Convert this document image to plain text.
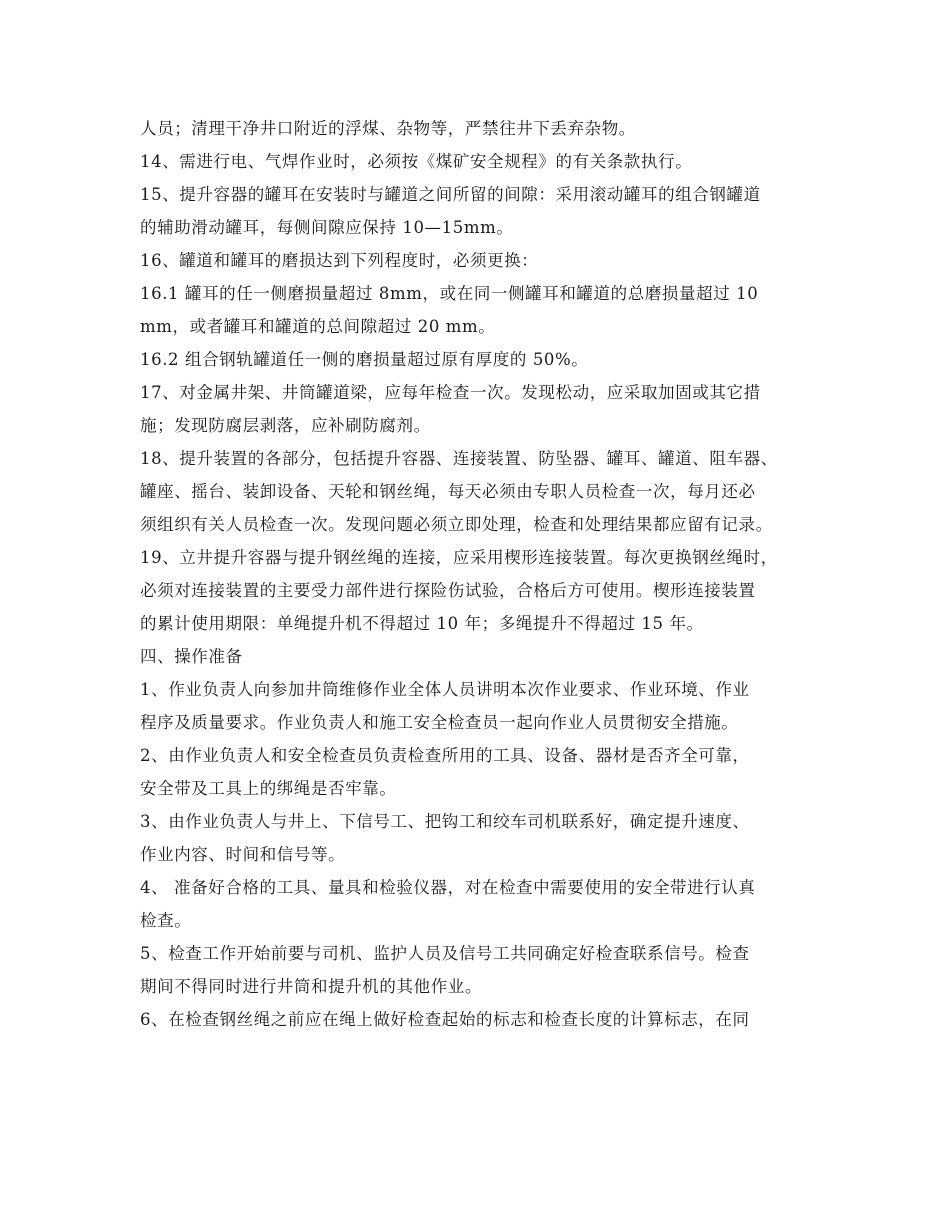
人员；清理干净井口附近的浮煤、杂物等，严禁往井下丢弃杂物。
14、需进行电、气焊作业时，必须按《煤矿安全规程》的有关条款执行。
15、提升容器的罐耳在安装时与罐道之间所留的间隙：采用滚动罐耳的组合钢罐道
的辅助滑动罐耳，每侧间隙应保持 10—15mm。
16、罐道和罐耳的磨损达到下列程度时，必须更换：
16.1 罐耳的任一侧磨损量超过 8mm，或在同一侧罐耳和罐道的总磨损量超过 10
mm，或者罐耳和罐道的总间隙超过 20 mm。
16.2 组合钢轨罐道任一侧的磨损量超过原有厚度的 50%。
17、对金属井架、井筒罐道梁，应每年检查一次。发现松动，应采取加固或其它措
施；发现防腐层剥落，应补刷防腐剂。
18、提升装置的各部分，包括提升容器、连接装置、防坠器、罐耳、罐道、阻车器、
罐座、摇台、装卸设备、天轮和钢丝绳，每天必须由专职人员检查一次，每月还必
须组织有关人员检查一次。发现问题必须立即处理，检查和处理结果都应留有记录。
19、立井提升容器与提升钢丝绳的连接，应采用楔形连接装置。每次更换钢丝绳时，
必须对连接装置的主要受力部件进行探险伤试验，合格后方可使用。楔形连接装置
的累计使用期限：单绳提升机不得超过 10 年；多绳提升不得超过 15 年。
四、操作准备
1、作业负责人向参加井筒维修作业全体人员讲明本次作业要求、作业环境、作业
程序及质量要求。作业负责人和施工安全检查员一起向作业人员贯彻安全措施。
2、由作业负责人和安全检查员负责检查所用的工具、设备、器材是否齐全可靠，
安全带及工具上的绑绳是否牢靠。
3、由作业负责人与井上、下信号工、把钩工和绞车司机联系好，确定提升速度、
作业内容、时间和信号等。
4、 准备好合格的工具、量具和检验仪器，对在检查中需要使用的安全带进行认真
检查。
5、检查工作开始前要与司机、监护人员及信号工共同确定好检查联系信号。检查
期间不得同时进行井筒和提升机的其他作业。
6、在检查钢丝绳之前应在绳上做好检查起始的标志和检查长度的计算标志，在同
